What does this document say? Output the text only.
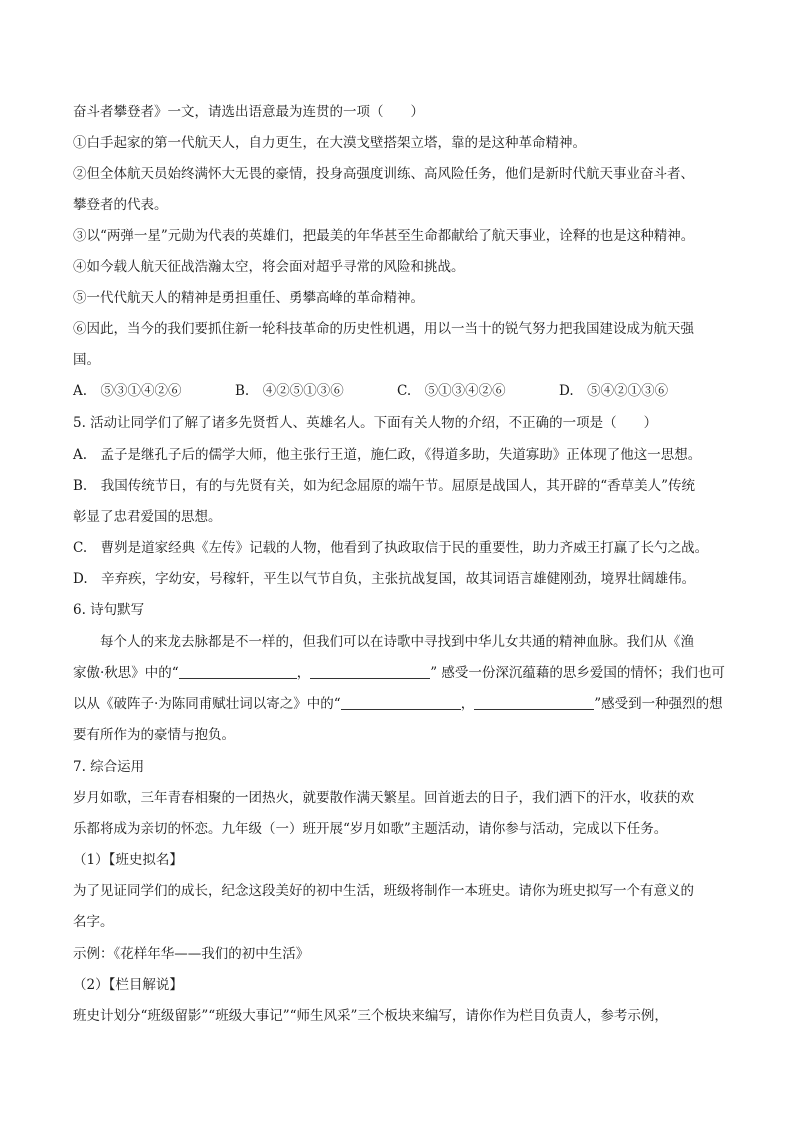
奋斗者攀登者》一文，请选出语意最为连贯的一项（　　）
①白手起家的第一代航天人，自力更生，在大漠戈壁搭架立塔，靠的是这种革命精神。
②但全体航天员始终满怀大无畏的豪情，投身高强度训练、高风险任务，他们是新时代航天事业奋斗者、
攀登者的代表。
③以“两弹一星”元勋为代表的英雄们，把最美的年华甚至生命都献给了航天事业，诠释的也是这种精神。
④如今载人航天征战浩瀚太空，将会面对超乎寻常的风险和挑战。
⑤一代代航天人的精神是勇担重任、勇攀高峰的革命精神。
⑥因此，当今的我们要抓住新一轮科技革命的历史性机遇，用以一当十的锐气努力把我国建设成为航天强
国。
A.　⑤③①④②⑥	B.　④②⑤①③⑥	C.　⑤①③④②⑥	D.　⑤④②①③⑥
5. 活动让同学们了解了诸多先贤哲人、英雄名人。下面有关人物的介绍，不正确的一项是（　　）
A.　孟子是继孔子后的儒学大师，他主张行王道，施仁政，《得道多助，失道寡助》正体现了他这一思想。
B.　我国传统节日，有的与先贤有关，如为纪念屈原的端午节。屈原是战国人，其开辟的“香草美人”传统
彰显了忠君爱国的思想。
C.　曹刿是道家经典《左传》记载的人物，他看到了执政取信于民的重要性，助力齐威王打赢了长勺之战。
D.　辛弃疾，字幼安，号稼轩，平生以气节自负，主张抗战复国，故其词语言雄健刚劲，境界壮阔雄伟。
6. 诗句默写
每个人的来龙去脉都是不一样的，但我们可以在诗歌中寻找到中华儿女共通的精神血脉。我们从《渔
家傲·秋思》中的“	，	” 感受一份深沉蕴藉的思乡爱国的情怀；我们也可
以从《破阵子·为陈同甫赋壮词以寄之》中的“	，	”感受到一种强烈的想
要有所作为的豪情与抱负。
7. 综合运用
岁月如歌，三年青春相聚的一团热火，就要散作满天繁星。回首逝去的日子，我们洒下的汗水，收获的欢
乐都将成为亲切的怀恋。九年级（一）班开展“岁月如歌”主题活动，请你参与活动，完成以下任务。
（1）【班史拟名】
为了见证同学们的成长，纪念这段美好的初中生活，班级将制作一本班史。请你为班史拟写一个有意义的
名字。
示例：《花样年华——我们的初中生活》
（2）【栏目解说】
班史计划分“班级留影”“班级大事记”“师生风采”三个板块来编写，请你作为栏目负责人，参考示例，
